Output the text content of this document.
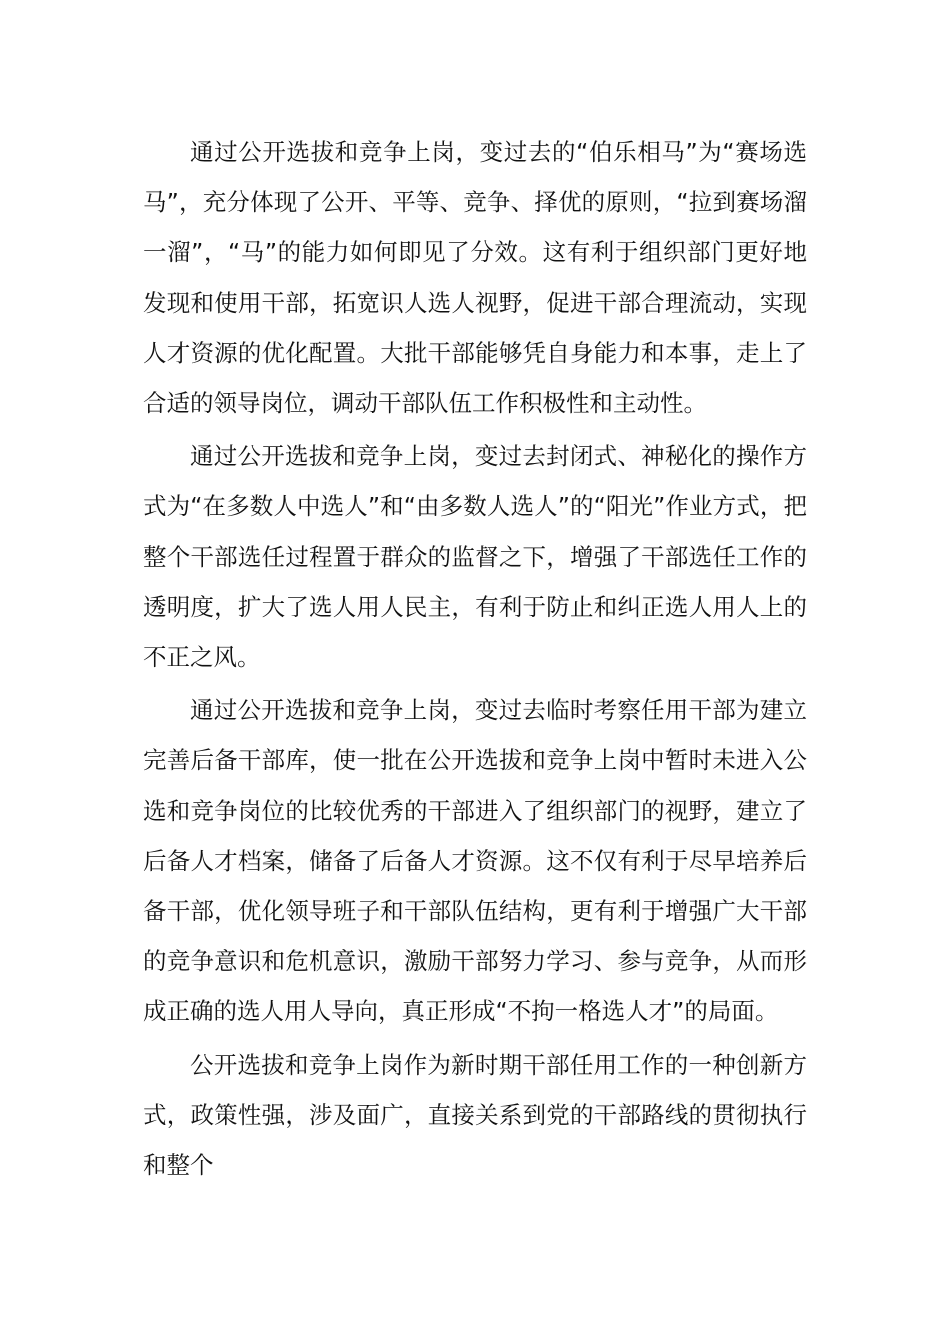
通过公开选拔和竞争上岗，变过去的“伯乐相马”为“赛场选马”，充分体现了公开、平等、竞争、择优的原则，“拉到赛场溜一溜”，“马”的能力如何即见了分效。这有利于组织部门更好地发现和使用干部，拓宽识人选人视野，促进干部合理流动，实现人才资源的优化配置。大批干部能够凭自身能力和本事，走上了合适的领导岗位，调动干部队伍工作积极性和主动性。

通过公开选拔和竞争上岗，变过去封闭式、神秘化的操作方式为“在多数人中选人”和“由多数人选人”的“阳光”作业方式，把整个干部选任过程置于群众的监督之下，增强了干部选任工作的透明度，扩大了选人用人民主，有利于防止和纠正选人用人上的不正之风。

通过公开选拔和竞争上岗，变过去临时考察任用干部为建立完善后备干部库，使一批在公开选拔和竞争上岗中暂时未进入公选和竞争岗位的比较优秀的干部进入了组织部门的视野，建立了后备人才档案，储备了后备人才资源。这不仅有利于尽早培养后备干部，优化领导班子和干部队伍结构，更有利于增强广大干部的竞争意识和危机意识，激励干部努力学习、参与竞争，从而形成正确的选人用人导向，真正形成“不拘一格选人才”的局面。

公开选拔和竞争上岗作为新时期干部任用工作的一种创新方式，政策性强，涉及面广，直接关系到党的干部路线的贯彻执行和整个
